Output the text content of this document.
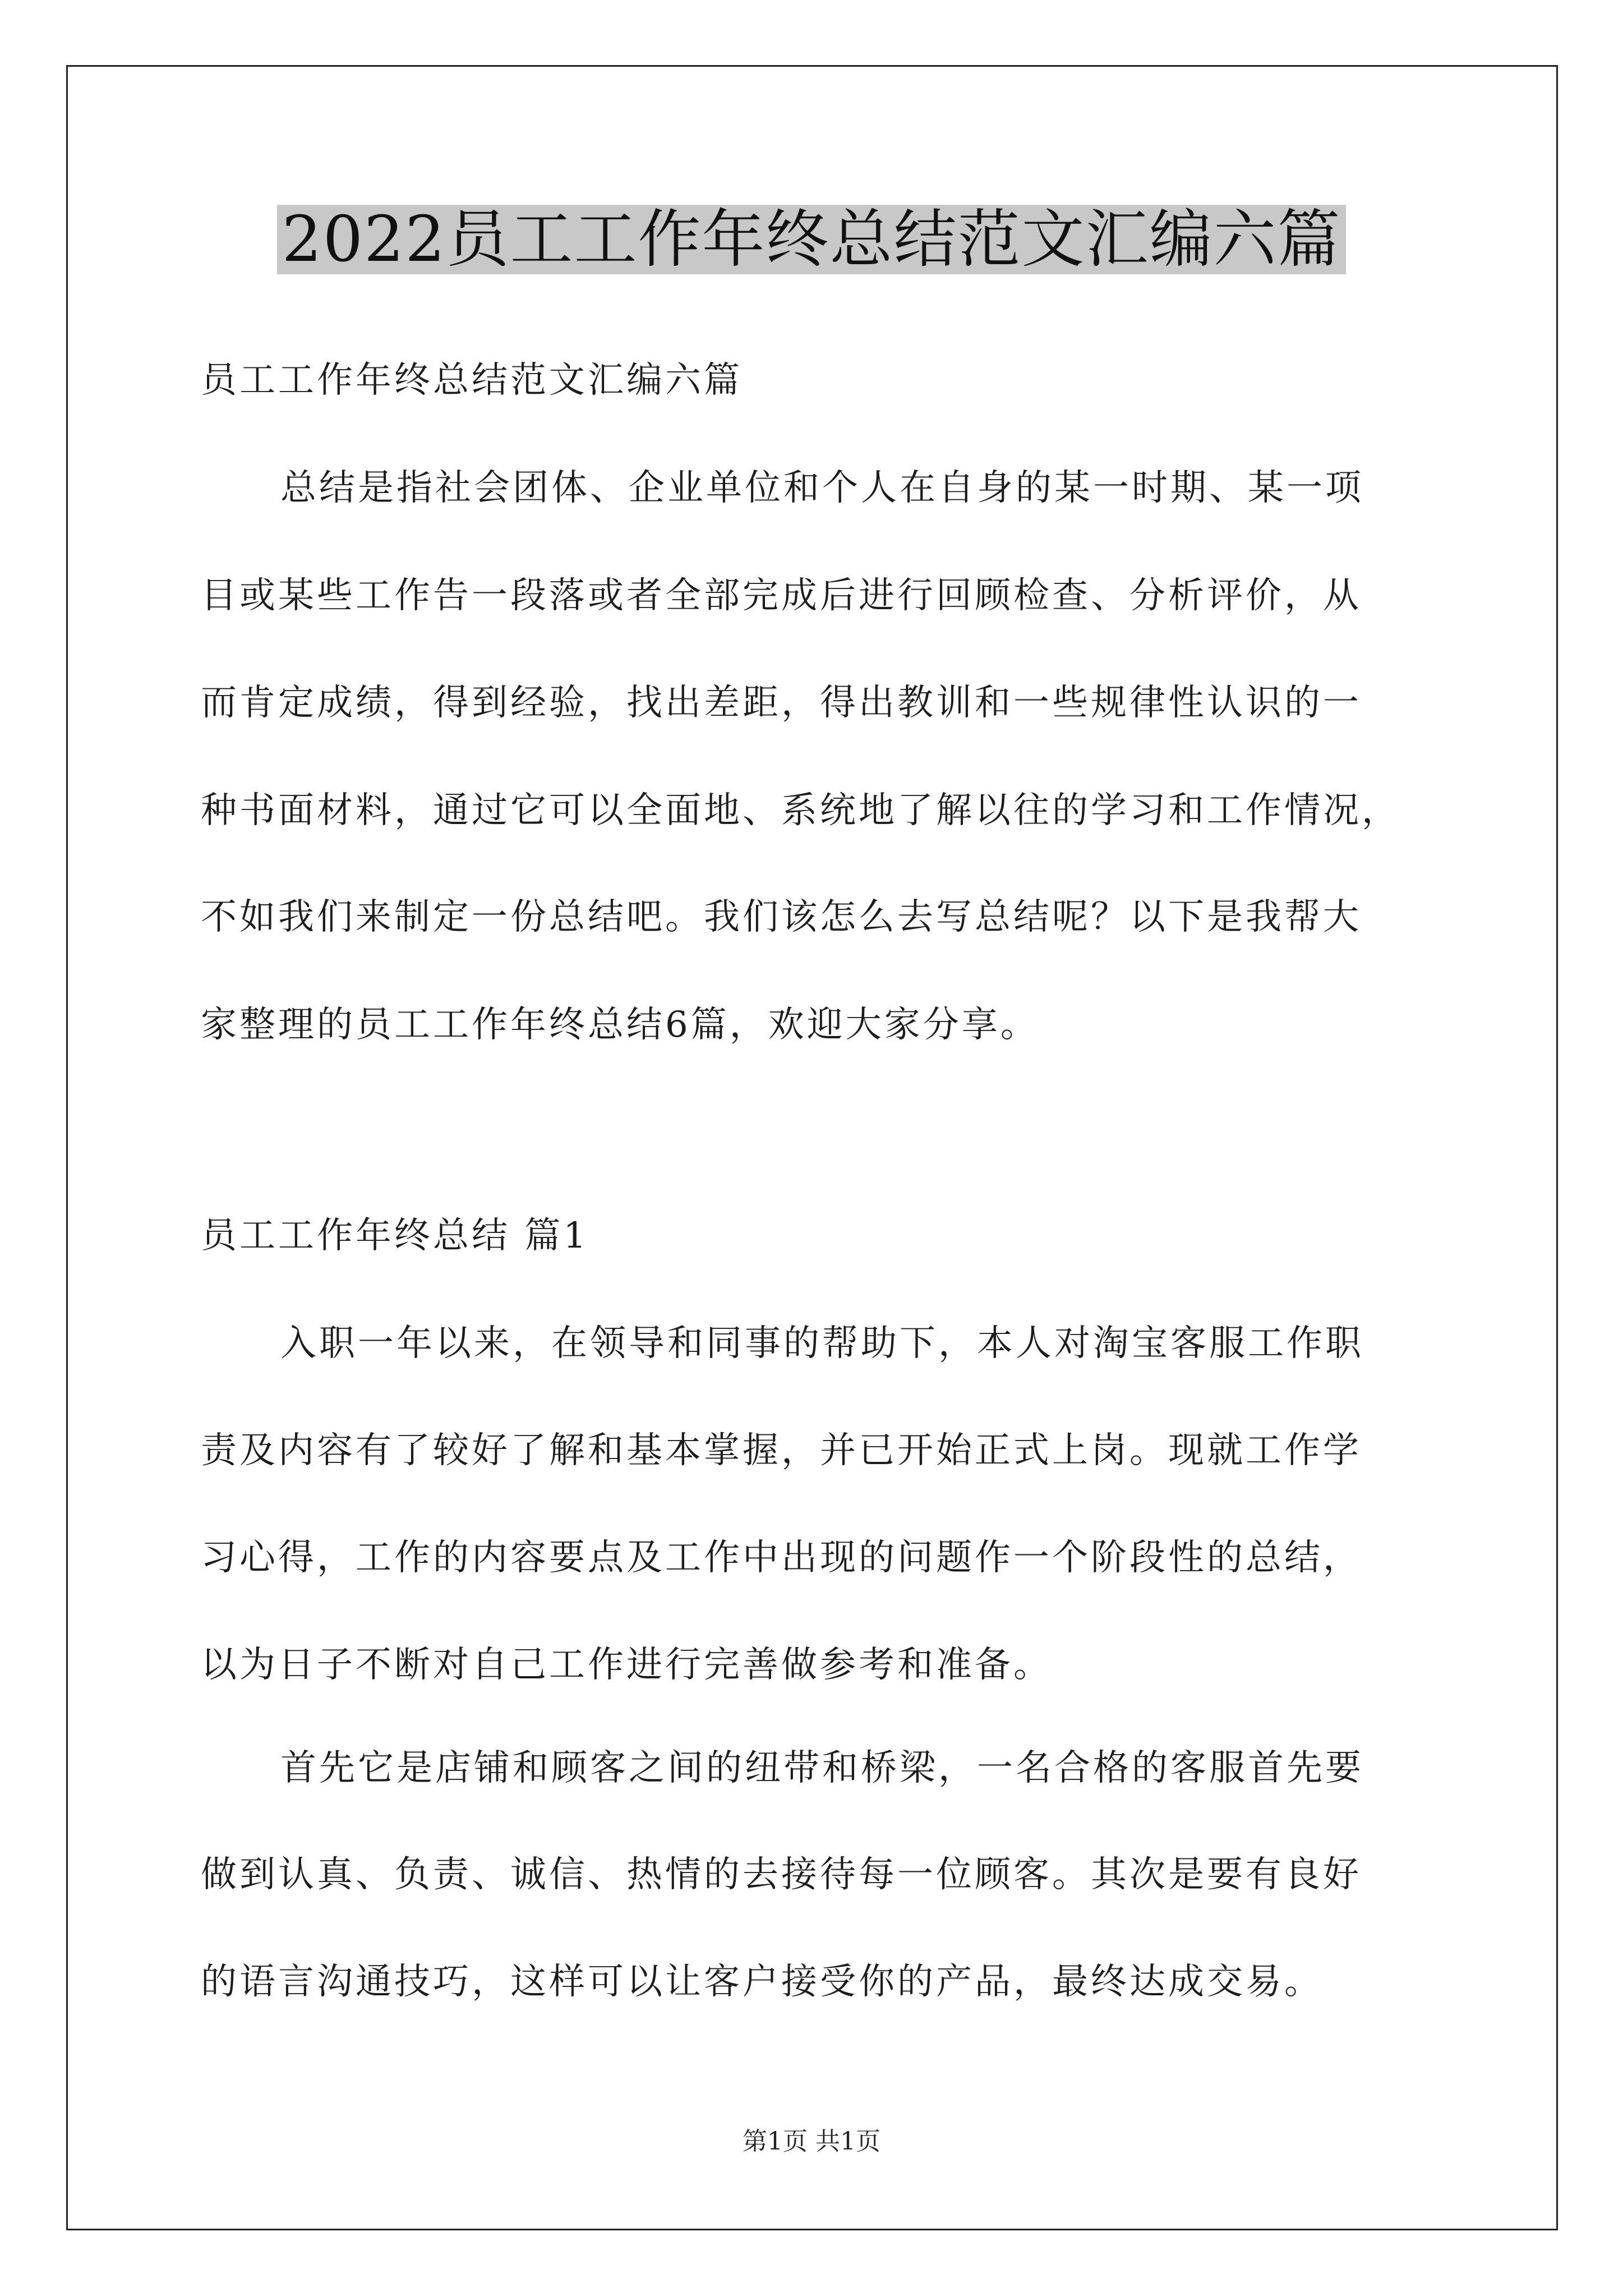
2022员工工作年终总结范文汇编六篇
员工工作年终总结范文汇编六篇
总结是指社会团体、企业单位和个人在自身的某一时期、某一项
目或某些工作告一段落或者全部完成后进行回顾检查、分析评价，从
而肯定成绩，得到经验，找出差距，得出教训和一些规律性认识的一
种书面材料，通过它可以全面地、系统地了解以往的学习和工作情况，
不如我们来制定一份总结吧。我们该怎么去写总结呢？以下是我帮大
家整理的员工工作年终总结6篇，欢迎大家分享。
员工工作年终总结 篇1
入职一年以来，在领导和同事的帮助下，本人对淘宝客服工作职
责及内容有了较好了解和基本掌握，并已开始正式上岗。现就工作学
习心得，工作的内容要点及工作中出现的问题作一个阶段性的总结，
以为日子不断对自己工作进行完善做参考和准备。
首先它是店铺和顾客之间的纽带和桥梁，一名合格的客服首先要
做到认真、负责、诚信、热情的去接待每一位顾客。其次是要有良好
的语言沟通技巧，这样可以让客户接受你的产品，最终达成交易。
第1页 共1页
